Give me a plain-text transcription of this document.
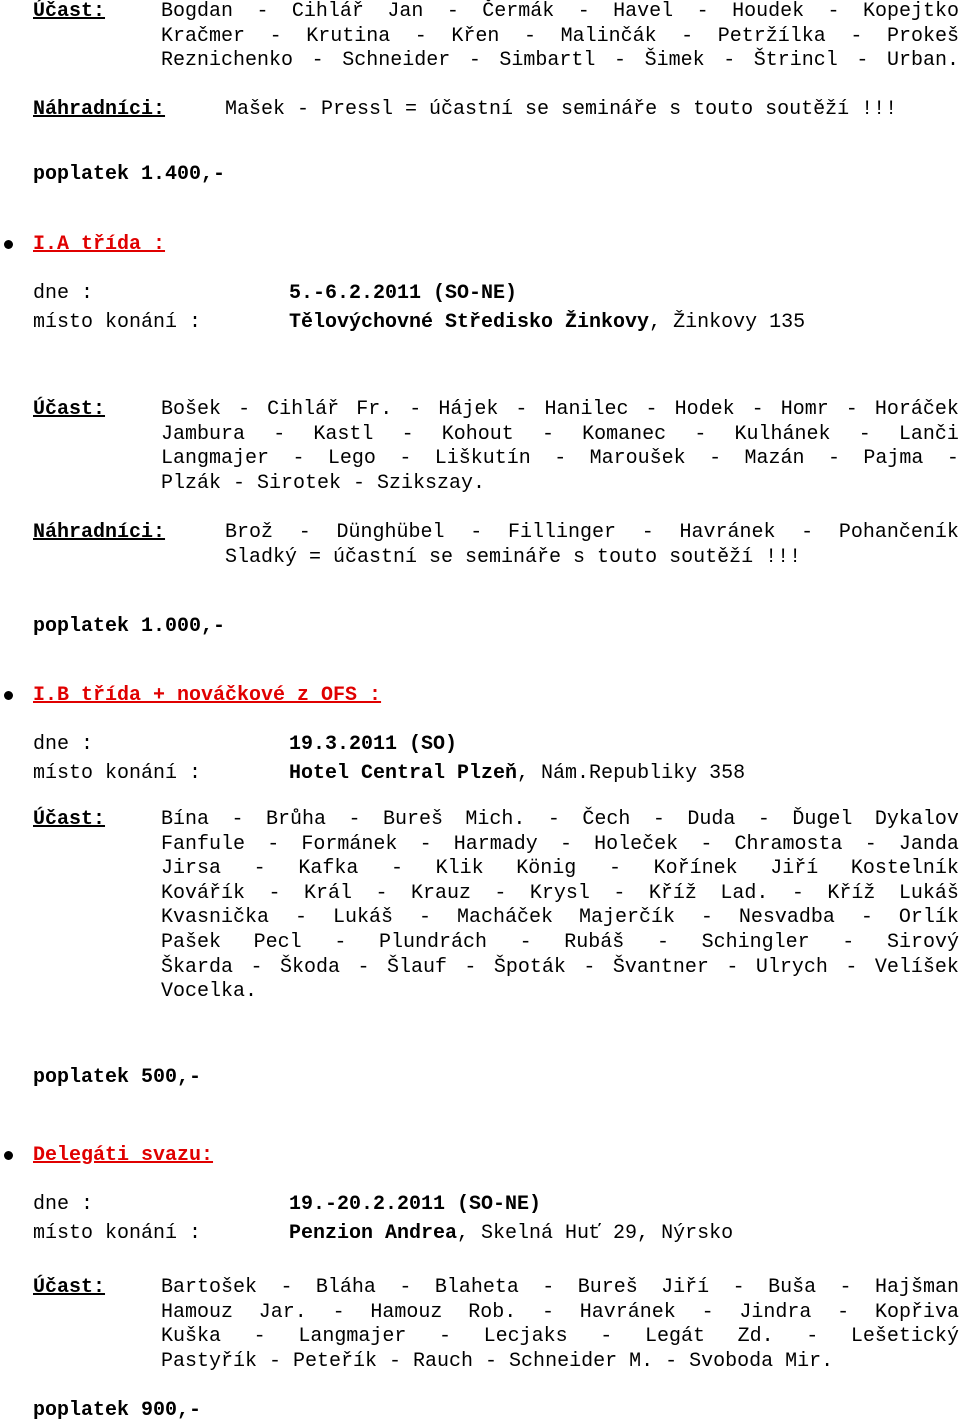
Účast:	Bogdan - Cihlář Jan - Čermák - Havel - Houdek - Kopejtko
Kračmer - Krutina - Křen - Malinčák - Petržílka - Prokeš
Reznichenko - Schneider - Simbartl - Šimek - Štrincl - Urban.
Náhradníci:	Mašek - Pressl = účastní se semináře s touto soutěží !!!
poplatek 1.400,-
I.A třída :
dne :	5.-6.2.2011 (SO-NE)
místo konání :	Tělovýchovné Středisko Žinkovy, Žinkovy 135
Účast:	Bošek - Cihlář Fr. - Hájek - Hanilec - Hodek - Homr - Horáček
Jambura - Kastl - Kohout - Komanec - Kulhánek - Lanči
Langmajer - Lego - Liškutín - Maroušek - Mazán - Pajma -
Plzák - Sirotek - Szikszay.
Náhradníci:	Brož - Dünghübel - Fillinger - Havránek - Pohančeník
Sladký = účastní se semináře s touto soutěží !!!
poplatek 1.000,-
I.B třída + nováčkové z OFS :
dne :	19.3.2011 (SO)
místo konání :	Hotel Central Plzeň, Nám.Republiky 358
Účast:	Bína - Brůha - Bureš Mich. - Čech - Duda - Ďugel Dykalov
Fanfule - Formánek - Harmady - Holeček - Chramosta - Janda
Jirsa - Kafka - Klik König - Kořínek Jiří Kostelník
Kovářík - Král - Krauz - Krysl - Kříž Lad. - Kříž Lukáš
Kvasnička - Lukáš - Macháček Majerčík - Nesvadba - Orlík
Pašek Pecl - Plundrách - Rubáš - Schingler - Sirový
Škarda - Škoda - Šlauf - Špoták - Švantner - Ulrych - Velíšek
Vocelka.
poplatek 500,-
Delegáti svazu:
dne :	19.-20.2.2011 (SO-NE)
místo konání :	Penzion Andrea, Skelná Huť 29, Nýrsko
Účast:	Bartošek - Bláha - Blaheta - Bureš Jiří - Buša - Hajšman
Hamouz Jar. - Hamouz Rob. - Havránek - Jindra - Kopřiva
Kuška - Langmajer - Lecjaks - Legát Zd. - Lešetický
Pastyřík - Peteřík - Rauch - Schneider M. - Svoboda Mir.
poplatek 900,-
